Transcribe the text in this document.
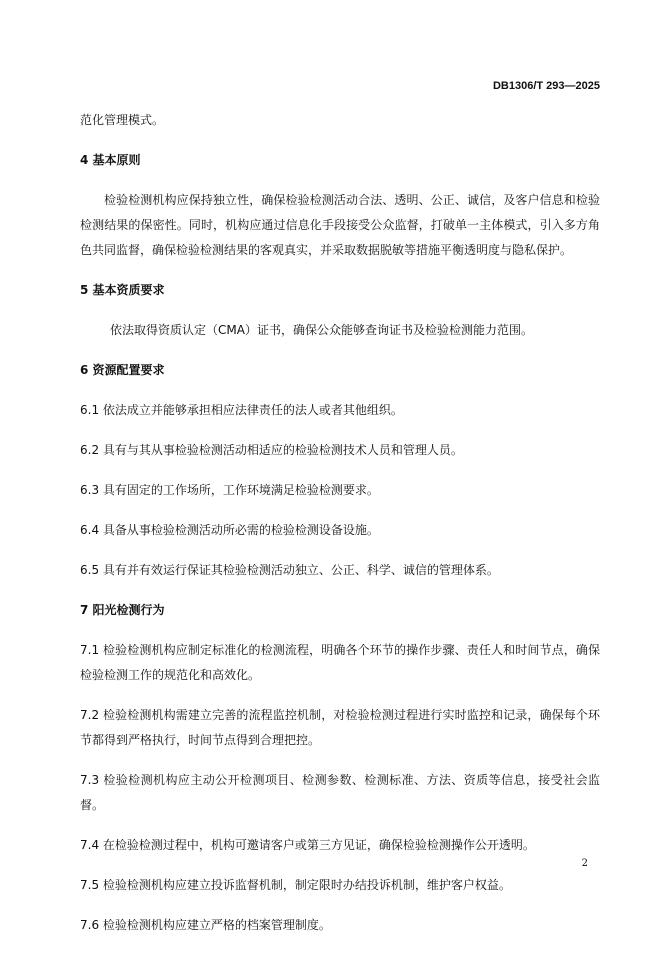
DB1306/T 293—2025

范化管理模式。

4 基本原则

检验检测机构应保持独立性，确保检验检测活动合法、透明、公正、诚信，及客户信息和检验检测结果的保密性。同时，机构应通过信息化手段接受公众监督，打破单一主体模式，引入多方角色共同监督，确保检验检测结果的客观真实，并采取数据脱敏等措施平衡透明度与隐私保护。

5 基本资质要求

依法取得资质认定（CMA）证书，确保公众能够查询证书及检验检测能力范围。

6 资源配置要求

6.1 依法成立并能够承担相应法律责任的法人或者其他组织。

6.2 具有与其从事检验检测活动相适应的检验检测技术人员和管理人员。

6.3 具有固定的工作场所，工作环境满足检验检测要求。

6.4 具备从事检验检测活动所必需的检验检测设备设施。

6.5 具有并有效运行保证其检验检测活动独立、公正、科学、诚信的管理体系。

7 阳光检测行为

7.1 检验检测机构应制定标准化的检测流程，明确各个环节的操作步骤、责任人和时间节点，确保检验检测工作的规范化和高效化。

7.2 检验检测机构需建立完善的流程监控机制，对检验检测过程进行实时监控和记录，确保每个环节都得到严格执行，时间节点得到合理把控。

7.3 检验检测机构应主动公开检测项目、检测参数、检测标准、方法、资质等信息，接受社会监督。

7.4 在检验检测过程中，机构可邀请客户或第三方见证，确保检验检测操作公开透明。

7.5 检验检测机构应建立投诉监督机制，制定限时办结投诉机制，维护客户权益。

7.6 检验检测机构应建立严格的档案管理制度。

2
